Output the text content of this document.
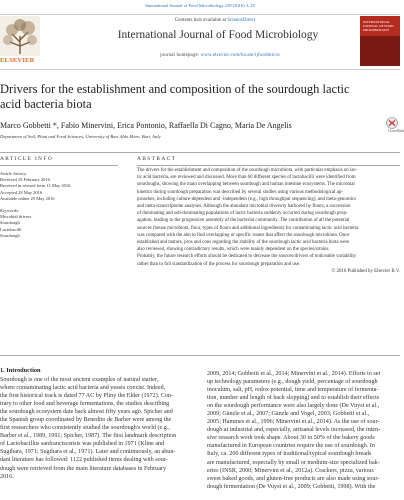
International Journal of Food Microbiology 239 (2016) 3–18
ELSEVIER
Contents lists available at ScienceDirect
International Journal of Food Microbiology
journal homepage: www.elsevier.com/locate/ijfoodmicro
INTERNATIONAL JOURNAL OF FOOD MICROBIOLOGY
CrossMark
Drivers for the establishment and composition of the sourdough lactic
acid bacteria biota
Marco Gobbetti *, Fabio Minervini, Erica Pontonio, Raffaella Di Cagno, Maria De Angelis
Department of Soil, Plant and Food Sciences, University of Bari Aldo Moro, Bari, Italy
ARTICLE INFO	ABSTRACT
Article history:
Received 10 February 2016
Received in revised form 11 May 2016
Accepted 28 May 2016
Available online 25 May 2016
Keywords:
Microbial drivers
Sourdough
Lactobacilli
Sourdough
The drivers for the establishment and composition of the sourdough microbiota, with particular emphasis on lac-
tic acid bacteria, are reviewed and discussed. More than 60 different species of lactobacilli were identified from
sourdoughs, showing the main overlapping between sourdough and human intestine ecosystems. The microbial
kinetics during sourdough preparation was described by several studies using various methodological ap-
proaches, including culture-dependent and -independent (e.g., high throughput sequencing), and meta-genomics
and meta-transcriptome analyses. Although the abundant microbial diversity harbored by flours, a succession
of dominating and sub-dominating populations of lactic bacteria suddenly occurred during sourdough prop-
agation, leading to the progressive assembly of the bacterial community. The contribution of all the potential
sources (house microbiota, flour, types of flours and additional ingredients) for contaminating lactic acid bacteria
was compared with the aim to find overlapping or specific routes that affect the sourdough microbiota. Once
established and mature, pros and cons regarding the stability of the sourdough lactic acid bacteria biota were
also reviewed, showing contradictory results, which were mainly dependent on the species/strains.
Probably, the future research efforts should be dedicated to decrease the sources/drivers of noticeable variability
rather than to full standardization of the process for sourdough preparation and use.
© 2016 Published by Elsevier B.V.
1. Introduction
Sourdough is one of the most ancient examples of natural starter,
where contaminating lactic acid bacteria and yeasts coexist. Indeed,
the first historical track is dated 77 AC by Pliny the Elder (1972). Con-
trary to other food and beverage fermentations, the studies describing
the sourdough ecosystem date back almost fifty years ago. Spicher and
the Spanish group coordinated by Benedito de Barber were among the
first researchers who consistently studied the sourdough's world (e.g.,
Barber et al., 1989, 1991; Spicher, 1987). The first landmark description
of Lactobacillus sanfranciscensis was published in 1971 (Kline and
Sugihara, 1971; Sugihara et al., 1971). Later and continuously, an abun-
dant literature has followed: 1122 published items dealing with sour-
dough were retrieved from the main literature databases in February
2016.
2009, 2014; Gobbetti et al., 2014; Minervini et al., 2014). Efforts to set
up technology parameters (e.g., dough yield, percentage of sourdough
inoculum, salt, pH, redox potential, time and temperature of fermenta-
tion, number and length of back slopping) and to establish their effects
on the sourdough performance were also largely done (De Vuyst et al.,
2009; Gänzle et al., 2007; Gänzle and Vogel, 2003; Gobbetti et al.,
2005; Hammes et al., 1996; Minervini et al., 2014). As the use of sour-
dough at industrial and, especially, artisanal levels increased, the inten-
sive research work took shape. About 30 to 50% of the bakery goods
manufactured in European countries require the use of sourdough. In
Italy, ca. 200 different types of traditional/typical sourdough breads
are manufactured, especially by small or medium-size specialized bak-
eries (INSR, 2000; Minervini et al., 2012a). Crackers, pizza, various
sweet baked goods, and gluten-free products are also made using sour-
dough fermentation (De Vuyst et al., 2009; Gobbetti, 1998). With the
